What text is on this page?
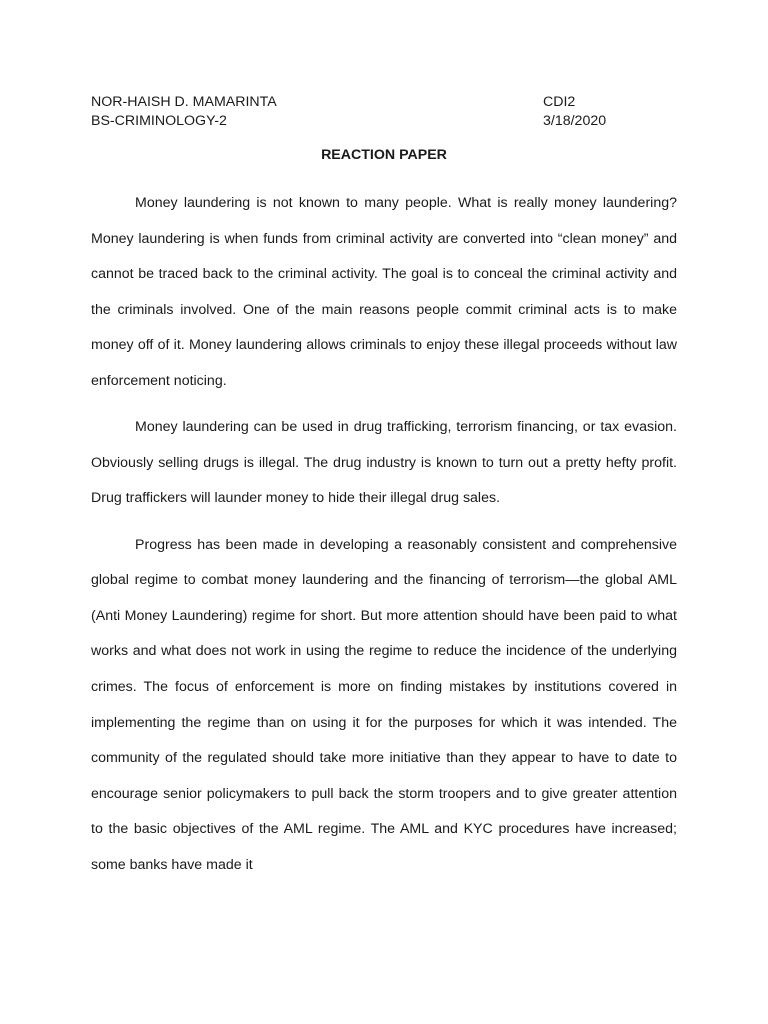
NOR-HAISH D. MAMARINTA	CDI2
BS-CRIMINOLOGY-2	3/18/2020
REACTION PAPER

Money laundering is not known to many people. What is really money laundering? Money laundering is when funds from criminal activity are converted into “clean money” and cannot be traced back to the criminal activity. The goal is to conceal the criminal activity and the criminals involved. One of the main reasons people commit criminal acts is to make money off of it. Money laundering allows criminals to enjoy these illegal proceeds without law enforcement noticing.

Money laundering can be used in drug trafficking, terrorism financing, or tax evasion. Obviously selling drugs is illegal. The drug industry is known to turn out a pretty hefty profit. Drug traffickers will launder money to hide their illegal drug sales.

Progress has been made in developing a reasonably consistent and comprehensive global regime to combat money laundering and the financing of terrorism—the global AML (Anti Money Laundering) regime for short. But more attention should have been paid to what works and what does not work in using the regime to reduce the incidence of the underlying crimes. The focus of enforcement is more on finding mistakes by institutions covered in implementing the regime than on using it for the purposes for which it was intended. The community of the regulated should take more initiative than they appear to have to date to encourage senior policymakers to pull back the storm troopers and to give greater attention to the basic objectives of the AML regime. The AML and KYC procedures have increased; some banks have made it
